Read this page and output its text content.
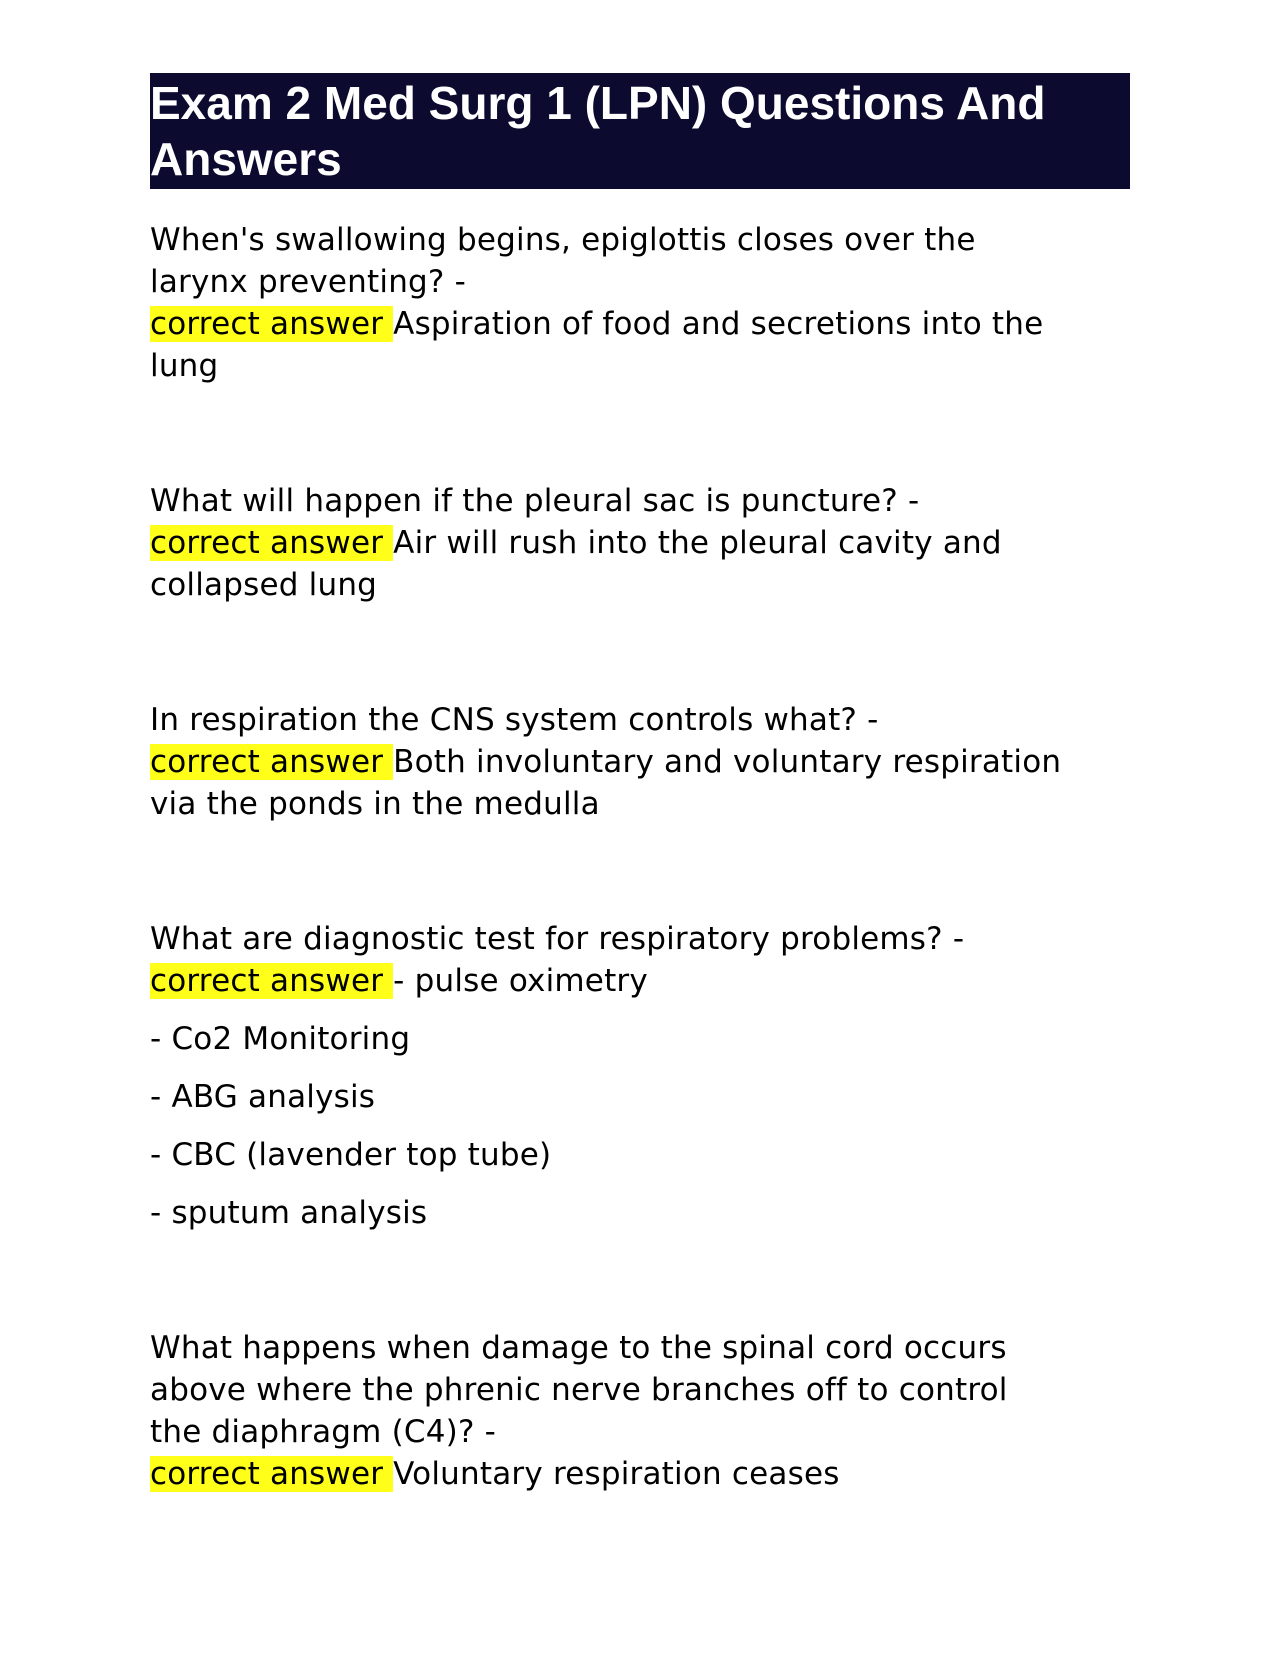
Exam 2 Med Surg 1 (LPN) Questions And
Answers
When's swallowing begins, epiglottis closes over the
larynx preventing? -
correct answer Aspiration of food and secretions into the
lung
What will happen if the pleural sac is puncture? -
correct answer Air will rush into the pleural cavity and
collapsed lung
In respiration the CNS system controls what? -
correct answer Both involuntary and voluntary respiration
via the ponds in the medulla
What are diagnostic test for respiratory problems? -
correct answer - pulse oximetry
- Co2 Monitoring
- ABG analysis
- CBC (lavender top tube)
- sputum analysis
What happens when damage to the spinal cord occurs
above where the phrenic nerve branches off to control
the diaphragm (C4)? -
correct answer Voluntary respiration ceases
